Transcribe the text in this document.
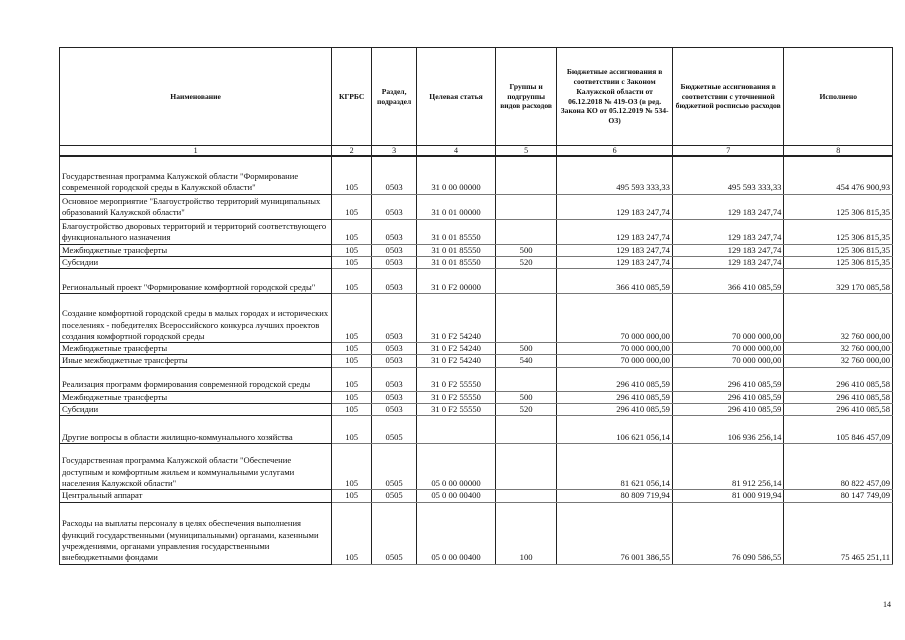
Наименование	КГРБС	Раздел, подраздел	Целевая статья	Группы и подгруппы видов расходов	Бюджетные ассигнования в соответствии с Законом Калужской области от 06.12.2018 № 419-ОЗ (в ред. Закона КО от 05.12.2019 № 534-ОЗ)	Бюджетные ассигнования в соответствии с уточненной бюджетной росписью расходов	Исполнено
1	2	3	4	5	6	7	8
Государственная программа Калужской области "Формирование современной городской среды в Калужской области"	105	0503	31 0 00 00000		495 593 333,33	495 593 333,33	454 476 900,93
Основное мероприятие "Благоустройство территорий муниципальных образований Калужской области"	105	0503	31 0 01 00000		129 183 247,74	129 183 247,74	125 306 815,35
Благоустройство дворовых территорий и территорий соответствующего функционального назначения	105	0503	31 0 01 85550		129 183 247,74	129 183 247,74	125 306 815,35
Межбюджетные трансферты	105	0503	31 0 01 85550	500	129 183 247,74	129 183 247,74	125 306 815,35
Субсидии	105	0503	31 0 01 85550	520	129 183 247,74	129 183 247,74	125 306 815,35
Региональный проект "Формирование комфортной городской среды"	105	0503	31 0 F2 00000		366 410 085,59	366 410 085,59	329 170 085,58
Создание комфортной городской среды в малых городах и исторических поселениях - победителях Всероссийского конкурса лучших проектов создания комфортной городской среды	105	0503	31 0 F2 54240		70 000 000,00	70 000 000,00	32 760 000,00
Межбюджетные трансферты	105	0503	31 0 F2 54240	500	70 000 000,00	70 000 000,00	32 760 000,00
Иные межбюджетные трансферты	105	0503	31 0 F2 54240	540	70 000 000,00	70 000 000,00	32 760 000,00
Реализация программ формирования современной городской среды	105	0503	31 0 F2 55550		296 410 085,59	296 410 085,59	296 410 085,58
Межбюджетные трансферты	105	0503	31 0 F2 55550	500	296 410 085,59	296 410 085,59	296 410 085,58
Субсидии	105	0503	31 0 F2 55550	520	296 410 085,59	296 410 085,59	296 410 085,58
Другие вопросы в области жилищно-коммунального хозяйства	105	0505			106 621 056,14	106 936 256,14	105 846 457,09
Государственная программа Калужской области "Обеспечение доступным и комфортным жильем и коммунальными услугами населения Калужской области"	105	0505	05 0 00 00000		81 621 056,14	81 912 256,14	80 822 457,09
Центральный аппарат	105	0505	05 0 00 00400		80 809 719,94	81 000 919,94	80 147 749,09
Расходы на выплаты персоналу в целях обеспечения выполнения функций государственными (муниципальными) органами, казенными учреждениями, органами управления государственными внебюджетными фондами	105	0505	05 0 00 00400	100	76 001 386,55	76 090 586,55	75 465 251,11
14
